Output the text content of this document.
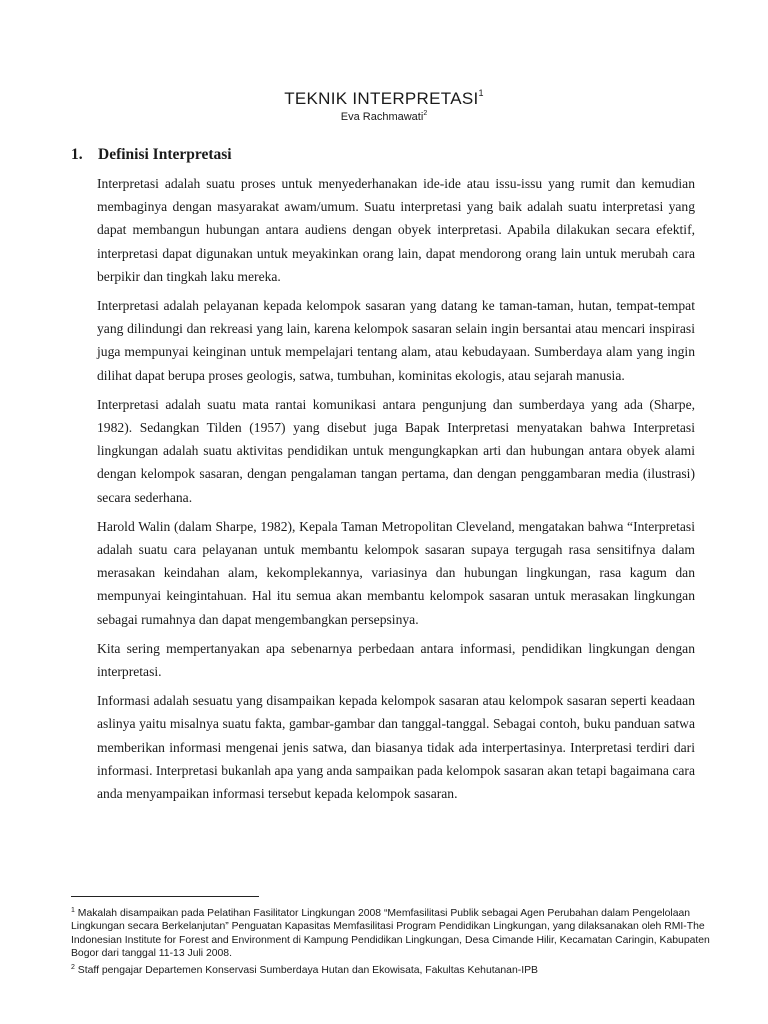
TEKNIK INTERPRETASI$^1$
Eva Rachmawati$^2$
1. Definisi Interpretasi

Interpretasi adalah suatu proses untuk menyederhanakan ide-ide atau issu-issu yang rumit dan kemudian membaginya dengan masyarakat awam/umum. Suatu interpretasi yang baik adalah suatu interpretasi yang dapat membangun hubungan antara audiens dengan obyek interpretasi. Apabila dilakukan secara efektif, interpretasi dapat digunakan untuk meyakinkan orang lain, dapat mendorong orang lain untuk merubah cara berpikir dan tingkah laku mereka.

Interpretasi adalah pelayanan kepada kelompok sasaran yang datang ke taman-taman, hutan, tempat-tempat yang dilindungi dan rekreasi yang lain, karena kelompok sasaran selain ingin bersantai atau mencari inspirasi juga mempunyai keinginan untuk mempelajari tentang alam, atau kebudayaan. Sumberdaya alam yang ingin dilihat dapat berupa proses geologis, satwa, tumbuhan, kominitas ekologis, atau sejarah manusia.

Interpretasi adalah suatu mata rantai komunikasi antara pengunjung dan sumberdaya yang ada (Sharpe, 1982). Sedangkan Tilden (1957) yang disebut juga Bapak Interpretasi menyatakan bahwa Interpretasi lingkungan adalah suatu aktivitas pendidikan untuk mengungkapkan arti dan hubungan antara obyek alami dengan kelompok sasaran, dengan pengalaman tangan pertama, dan dengan penggambaran media (ilustrasi) secara sederhana.

Harold Walin (dalam Sharpe, 1982), Kepala Taman Metropolitan Cleveland, mengatakan bahwa “Interpretasi adalah suatu cara pelayanan untuk membantu kelompok sasaran supaya tergugah rasa sensitifnya dalam merasakan keindahan alam, kekomplekannya, variasinya dan hubungan lingkungan, rasa kagum dan mempunyai keingintahuan. Hal itu semua akan membantu kelompok sasaran untuk merasakan lingkungan sebagai rumahnya dan dapat mengembangkan persepsinya.

Kita sering mempertanyakan apa sebenarnya perbedaan antara informasi, pendidikan lingkungan dengan interpretasi.

Informasi adalah sesuatu yang disampaikan kepada kelompok sasaran atau kelompok sasaran seperti keadaan aslinya yaitu misalnya suatu fakta, gambar-gambar dan tanggal-tanggal. Sebagai contoh, buku panduan satwa memberikan informasi mengenai jenis satwa, dan biasanya tidak ada interpertasinya. Interpretasi terdiri dari informasi. Interpretasi bukanlah apa yang anda sampaikan pada kelompok sasaran akan tetapi bagaimana cara anda menyampaikan informasi tersebut kepada kelompok sasaran.

$^1$ Makalah disampaikan pada Pelatihan Fasilitator Lingkungan 2008 “Memfasilitasi Publik sebagai Agen Perubahan dalam Pengelolaan Lingkungan secara Berkelanjutan” Penguatan Kapasitas Memfasilitasi Program Pendidikan Lingkungan, yang dilaksanakan oleh RMI-The Indonesian Institute for Forest and Environment di Kampung Pendidikan Lingkungan, Desa Cimande Hilir, Kecamatan Caringin, Kabupaten Bogor dari tanggal 11-13 Juli 2008.

$^2$ Staff pengajar Departemen Konservasi Sumberdaya Hutan dan Ekowisata, Fakultas Kehutanan-IPB
